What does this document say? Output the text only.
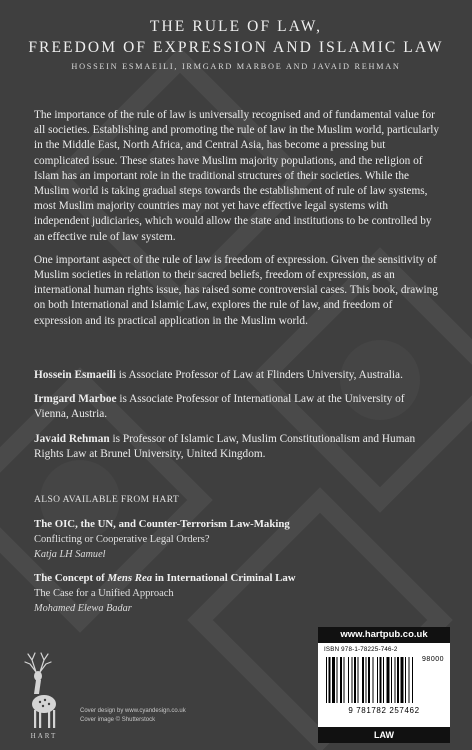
THE RULE OF LAW,
FREEDOM OF EXPRESSION AND ISLAMIC LAW
HOSSEIN ESMAEILI, IRMGARD MARBOE AND JAVAID REHMAN

The importance of the rule of law is universally recognised and of fundamental value for all societies. Establishing and promoting the rule of law in the Muslim world, particularly in the Middle East, North Africa, and Central Asia, has become a pressing but complicated issue. These states have Muslim majority populations, and the religion of Islam has an important role in the traditional structures of their societies. While the Muslim world is taking gradual steps towards the establishment of rule of law systems, most Muslim majority countries may not yet have effective legal systems with independent judiciaries, which would allow the state and institutions to be controlled by an effective rule of law system.

One important aspect of the rule of law is freedom of expression. Given the sensitivity of Muslim societies in relation to their sacred beliefs, freedom of expression, as an international human rights issue, has raised some controversial cases. This book, drawing on both International and Islamic Law, explores the rule of law, and freedom of expression and its practical application in the Muslim world.

Hossein Esmaeili is Associate Professor of Law at Flinders University, Australia.

Irmgard Marboe is Associate Professor of International Law at the University of Vienna, Austria.

Javaid Rehman is Professor of Islamic Law, Muslim Constitutionalism and Human Rights Law at Brunel University, United Kingdom.

ALSO AVAILABLE FROM HART
The OIC, the UN, and Counter-Terrorism Law-Making
Conflicting or Cooperative Legal Orders?
Katja LH Samuel
The Concept of Mens Rea in International Criminal Law
The Case for a Unified Approach
Mohamed Elewa Badar
HART
Cover design by www.cyandesign.co.uk
Cover image © Shutterstock
www.hartpub.co.uk
ISBN 978-1-78225-746-2
98000
9 781782 257462
LAW
